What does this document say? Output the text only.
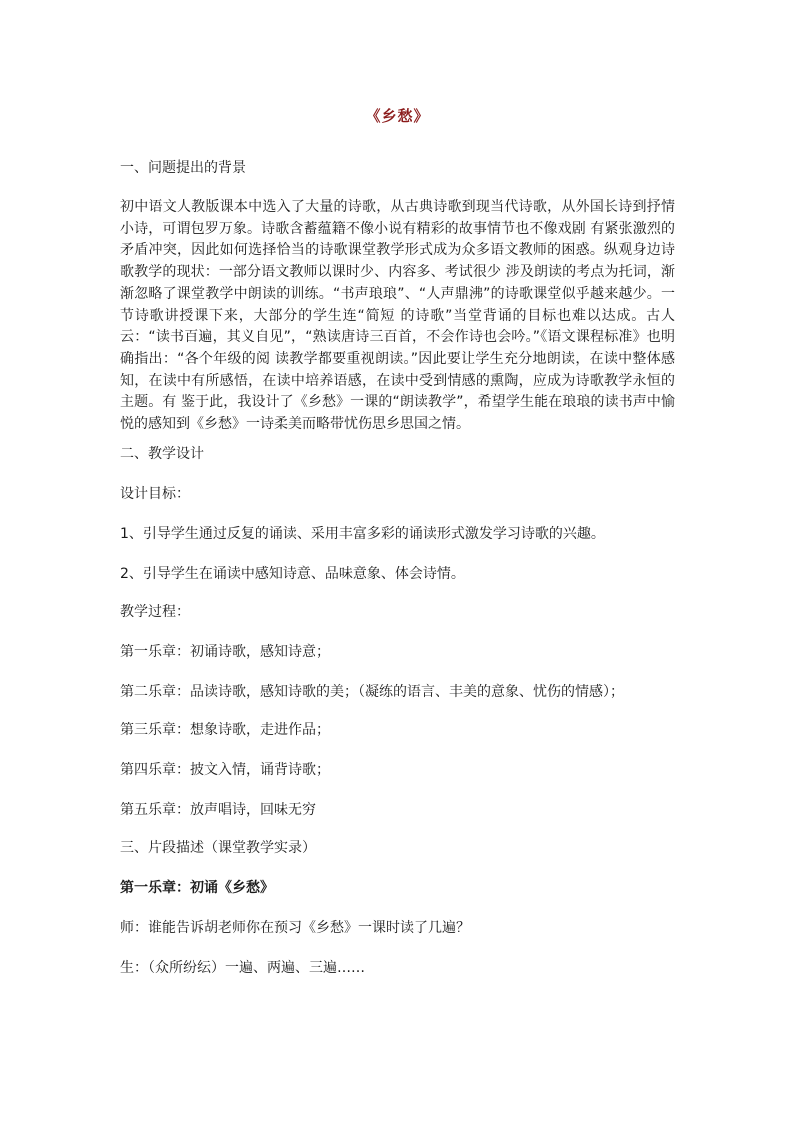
《乡愁》
一、问题提出的背景
初中语文人教版课本中选入了大量的诗歌，从古典诗歌到现当代诗歌，从外国长诗到抒情小诗，可谓包罗万象。诗歌含蓄蕴籍不像小说有精彩的故事情节也不像戏剧 有紧张激烈的矛盾冲突，因此如何选择恰当的诗歌课堂教学形式成为众多语文教师的困惑。纵观身边诗歌教学的现状：一部分语文教师以课时少、内容多、考试很少 涉及朗读的考点为托词，渐渐忽略了课堂教学中朗读的训练。“书声琅琅”、“人声鼎沸”的诗歌课堂似乎越来越少。一节诗歌讲授课下来，大部分的学生连“简短 的诗歌”当堂背诵的目标也难以达成。古人云：“读书百遍，其义自见”，“熟读唐诗三百首，不会作诗也会吟。”《语文课程标准》也明确指出：“各个年级的阅 读教学都要重视朗读。”因此要让学生充分地朗读，在读中整体感知，在读中有所感悟，在读中培养语感，在读中受到情感的熏陶，应成为诗歌教学永恒的主题。有 鉴于此，我设计了《乡愁》一课的“朗读教学”，希望学生能在琅琅的读书声中愉悦的感知到《乡愁》一诗柔美而略带忧伤思乡思国之情。
二、教学设计
设计目标：
1、引导学生通过反复的诵读、采用丰富多彩的诵读形式激发学习诗歌的兴趣。
2、引导学生在诵读中感知诗意、品味意象、体会诗情。
教学过程：
第一乐章：初诵诗歌，感知诗意；
第二乐章：品读诗歌，感知诗歌的美；（凝练的语言、丰美的意象、忧伤的情感）；
第三乐章：想象诗歌，走进作品；
第四乐章：披文入情，诵背诗歌；
第五乐章：放声唱诗，回味无穷
三、片段描述（课堂教学实录）
第一乐章：初诵《乡愁》
师：谁能告诉胡老师你在预习《乡愁》一课时读了几遍？
生：（众所纷纭）一遍、两遍、三遍……
